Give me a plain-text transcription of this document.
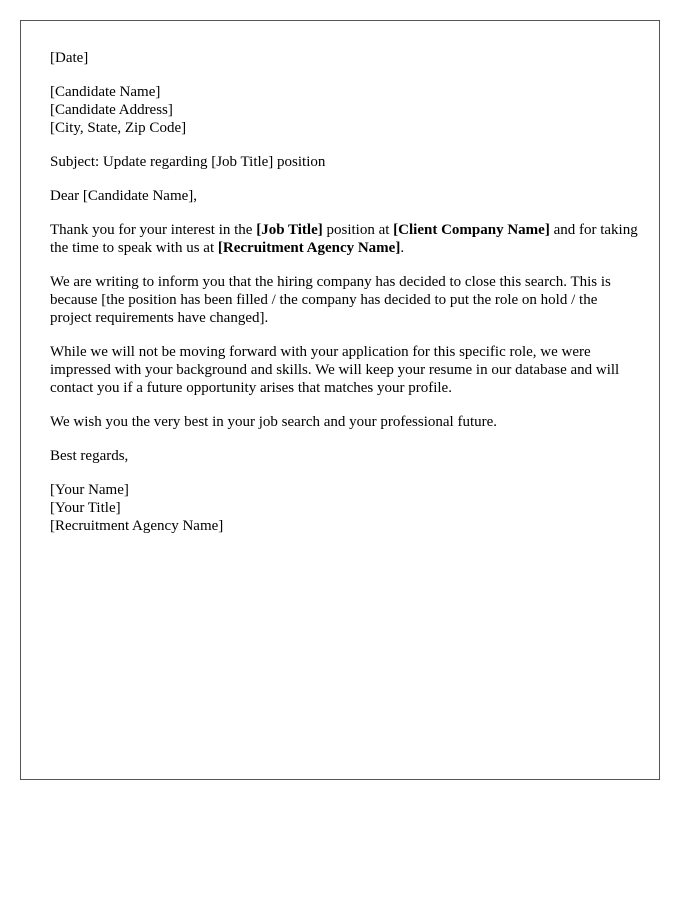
[Date]

[Candidate Name]
[Candidate Address]
[City, State, Zip Code]

Subject: Update regarding [Job Title] position

Dear [Candidate Name],

Thank you for your interest in the [Job Title] position at [Client Company Name] and for taking the time to speak with us at [Recruitment Agency Name].

We are writing to inform you that the hiring company has decided to close this search. This is because [the position has been filled / the company has decided to put the role on hold / the project requirements have changed].

While we will not be moving forward with your application for this specific role, we were impressed with your background and skills. We will keep your resume in our database and will contact you if a future opportunity arises that matches your profile.

We wish you the very best in your job search and your professional future.

Best regards,

[Your Name]
[Your Title]
[Recruitment Agency Name]
